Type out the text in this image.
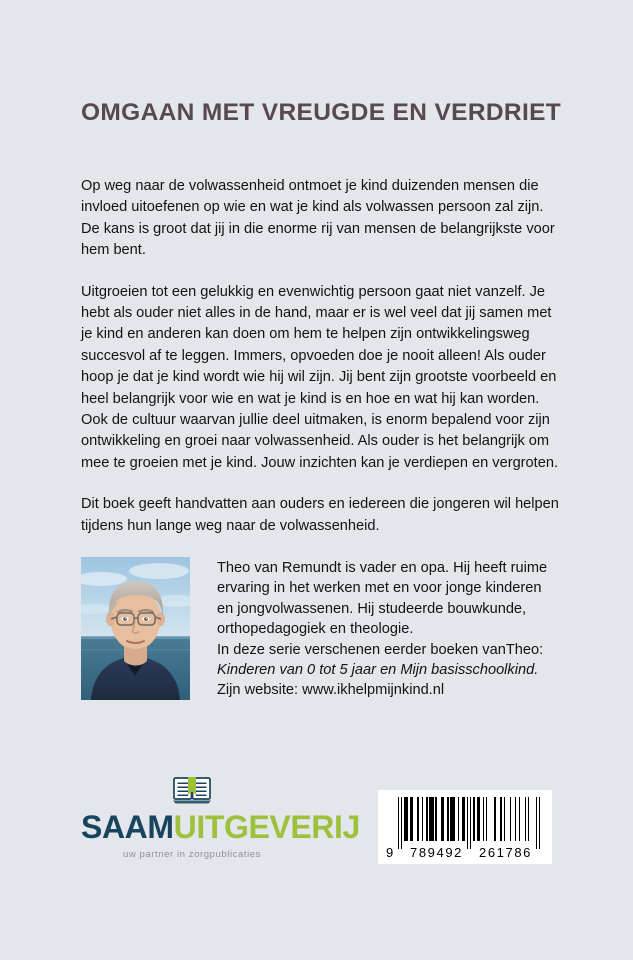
OMGAAN MET VREUGDE EN VERDRIET

Op weg naar de volwassenheid ontmoet je kind duizenden mensen die invloed uitoefenen op wie en wat je kind als volwassen persoon zal zijn. De kans is groot dat jij in die enorme rij van mensen de belangrijkste voor hem bent.

Uitgroeien tot een gelukkig en evenwichtig persoon gaat niet vanzelf. Je hebt als ouder niet alles in de hand, maar er is wel veel dat jij samen met je kind en anderen kan doen om hem te helpen zijn ontwikkelingsweg succesvol af te leggen. Immers, opvoeden doe je nooit alleen! Als ouder hoop je dat je kind wordt wie hij wil zijn. Jij bent zijn grootste voorbeeld en heel belangrijk voor wie en wat je kind is en hoe en wat hij kan worden. Ook de cultuur waarvan jullie deel uitmaken, is enorm bepalend voor zijn ontwikkeling en groei naar volwassenheid. Als ouder is het belangrijk om mee te groeien met je kind. Jouw inzichten kan je verdiepen en vergroten.

Dit boek geeft handvatten aan ouders en iedereen die jongeren wil helpen tijdens hun lange weg naar de volwassenheid.

Theo van Remundt is vader en opa. Hij heeft ruime
ervaring in het werken met en voor jonge kinderen
en jongvolwassenen. Hij studeerde bouwkunde,
orthopedagogiek en theologie.
In deze serie verschenen eerder boeken vanTheo:
Kinderen van 0 tot 5 jaar en Mijn basisschoolkind.
Zijn website: www.ikhelpmijnkind.nl
SAAMUITGEVERIJ
uw partner in zorgpublicaties	9 789492 261786
